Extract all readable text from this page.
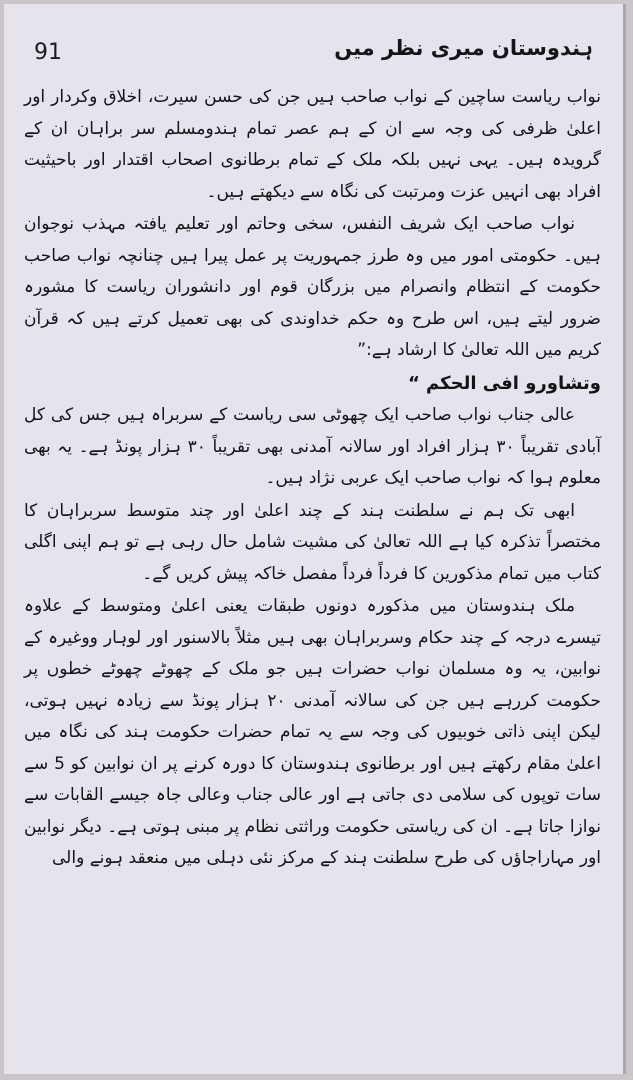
91	ہندوستان میری نظر میں

نواب ریاست ساچین کے نواب صاحب ہیں جن کی حسن سیرت، اخلاق وکردار اور اعلیٰ ظرفی کی وجہ سے ان کے ہم عصر تمام ہندومسلم سر براہان ان کے گرویدہ ہیں۔ یہی نہیں بلکہ ملک کے تمام برطانوی اصحاب اقتدار اور باحیثیت افراد بھی انہیں عزت ومرتبت کی نگاہ سے دیکھتے ہیں۔

نواب صاحب ایک شریف النفس، سخی وحاتم اور تعلیم یافتہ مہذب نوجوان ہیں۔ حکومتی امور میں وہ طرز جمہوریت پر عمل پیرا ہیں چنانچہ نواب صاحب حکومت کے انتظام وانصرام میں بزرگان قوم اور دانشوران ریاست کا مشورہ ضرور لیتے ہیں، اس طرح وہ حکم خداوندی کی بھی تعمیل کرتے ہیں کہ قرآن کریم میں اللہ تعالیٰ کا ارشاد ہے:”

وتشاورو افی الحکم “

عالی جناب نواب صاحب ایک چھوٹی سی ریاست کے سربراہ ہیں جس کی کل آبادی تقریباً ۳۰ ہزار افراد اور سالانہ آمدنی بھی تقریباً ۳۰ ہزار پونڈ ہے۔ یہ بھی معلوم ہوا کہ نواب صاحب ایک عربی نژاد ہیں۔

ابھی تک ہم نے سلطنت ہند کے چند اعلیٰ اور چند متوسط سربراہان کا مختصراً تذکرہ کیا ہے اللہ تعالیٰ کی مشیت شامل حال رہی ہے تو ہم اپنی اگلی کتاب میں تمام مذکورین کا فرداً فرداً مفصل خاکہ پیش کریں گے۔

ملک ہندوستان میں مذکورہ دونوں طبقات یعنی اعلیٰ ومتوسط کے علاوہ تیسرے درجہ کے چند حکام وسربراہان بھی ہیں مثلاً بالاسنور اور لوہار ووغیرہ کے نوابین، یہ وہ مسلمان نواب حضرات ہیں جو ملک کے چھوٹے چھوٹے خطوں پر حکومت کررہے ہیں جن کی سالانہ آمدنی ۲۰ ہزار پونڈ سے زیادہ نہیں ہوتی، لیکن اپنی ذاتی خوبیوں کی وجہ سے یہ تمام حضرات حکومت ہند کی نگاہ میں اعلیٰ مقام رکھتے ہیں اور برطانوی ہندوستان کا دورہ کرنے پر ان نوابین کو 5 سے سات توپوں کی سلامی دی جاتی ہے اور عالی جناب وعالی جاہ جیسے القابات سے نوازا جاتا ہے۔ ان کی ریاستی حکومت وراثتی نظام پر مبنی ہوتی ہے۔ دیگر نوابین اور مہاراجاؤں کی طرح سلطنت ہند کے مرکز نئی دہلی میں منعقد ہونے والی
